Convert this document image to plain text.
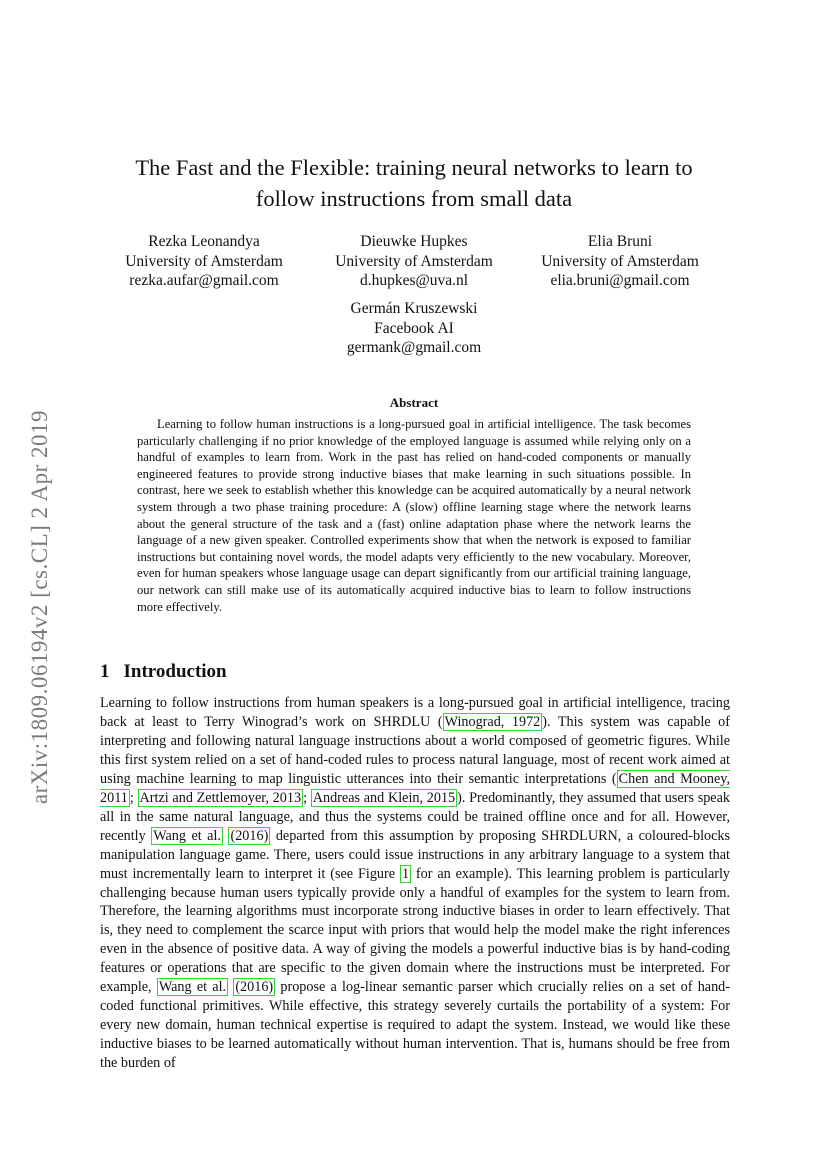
arXiv:1809.06194v2 [cs.CL] 2 Apr 2019
The Fast and the Flexible: training neural networks to learn to
follow instructions from small data
Rezka Leonandya
University of Amsterdam
rezka.aufar@gmail.com
Dieuwke Hupkes
University of Amsterdam
d.hupkes@uva.nl
Elia Bruni
University of Amsterdam
elia.bruni@gmail.com
Germán Kruszewski
Facebook AI
germank@gmail.com
Abstract

Learning to follow human instructions is a long-pursued goal in artificial intelligence. The task becomes particularly challenging if no prior knowledge of the employed language is assumed while relying only on a handful of examples to learn from. Work in the past has relied on hand-coded components or manually engineered features to provide strong inductive biases that make learning in such situations possible. In contrast, here we seek to establish whether this knowledge can be acquired automatically by a neural network system through a two phase training procedure: A (slow) offline learning stage where the network learns about the general structure of the task and a (fast) online adaptation phase where the network learns the language of a new given speaker. Controlled experiments show that when the network is exposed to familiar instructions but containing novel words, the model adapts very efficiently to the new vocabulary. Moreover, even for human speakers whose language usage can depart significantly from our artificial training language, our network can still make use of its automatically acquired inductive bias to learn to follow instructions more effectively.

1 Introduction

Learning to follow instructions from human speakers is a long-pursued goal in artificial intelligence, tracing back at least to Terry Winograd’s work on SHRDLU ( Winograd, 1972 ). This system was capable of interpreting and following natural language instructions about a world composed of geometric figures. While this first system relied on a set of hand-coded rules to process natural language, most of recent work aimed at using machine learning to map linguistic utterances into their semantic interpretations ( Chen and Mooney, 2011 ; Artzi and Zettlemoyer, 2013 ; Andreas and Klein, 2015 ). Predominantly, they assumed that users speak all in the same natural language, and thus the systems could be trained offline once and for all. However, recently Wang et al. (2016) departed from this assumption by proposing SHRDLURN, a coloured-blocks manipulation language game. There, users could issue instructions in any arbitrary language to a system that must incrementally learn to interpret it (see Figure 1 for an example). This learning problem is particularly challenging because human users typically provide only a handful of examples for the system to learn from. Therefore, the learning algorithms must incorporate strong inductive biases in order to learn effectively. That is, they need to complement the scarce input with priors that would help the model make the right inferences even in the absence of positive data. A way of giving the models a powerful inductive bias is by hand-coding features or operations that are specific to the given domain where the instructions must be interpreted. For example, Wang et al. (2016) propose a log-linear semantic parser which crucially relies on a set of hand-coded functional primitives. While effective, this strategy severely curtails the portability of a system: For every new domain, human technical expertise is required to adapt the system. Instead, we would like these inductive biases to be learned automatically without human intervention. That is, humans should be free from the burden of
